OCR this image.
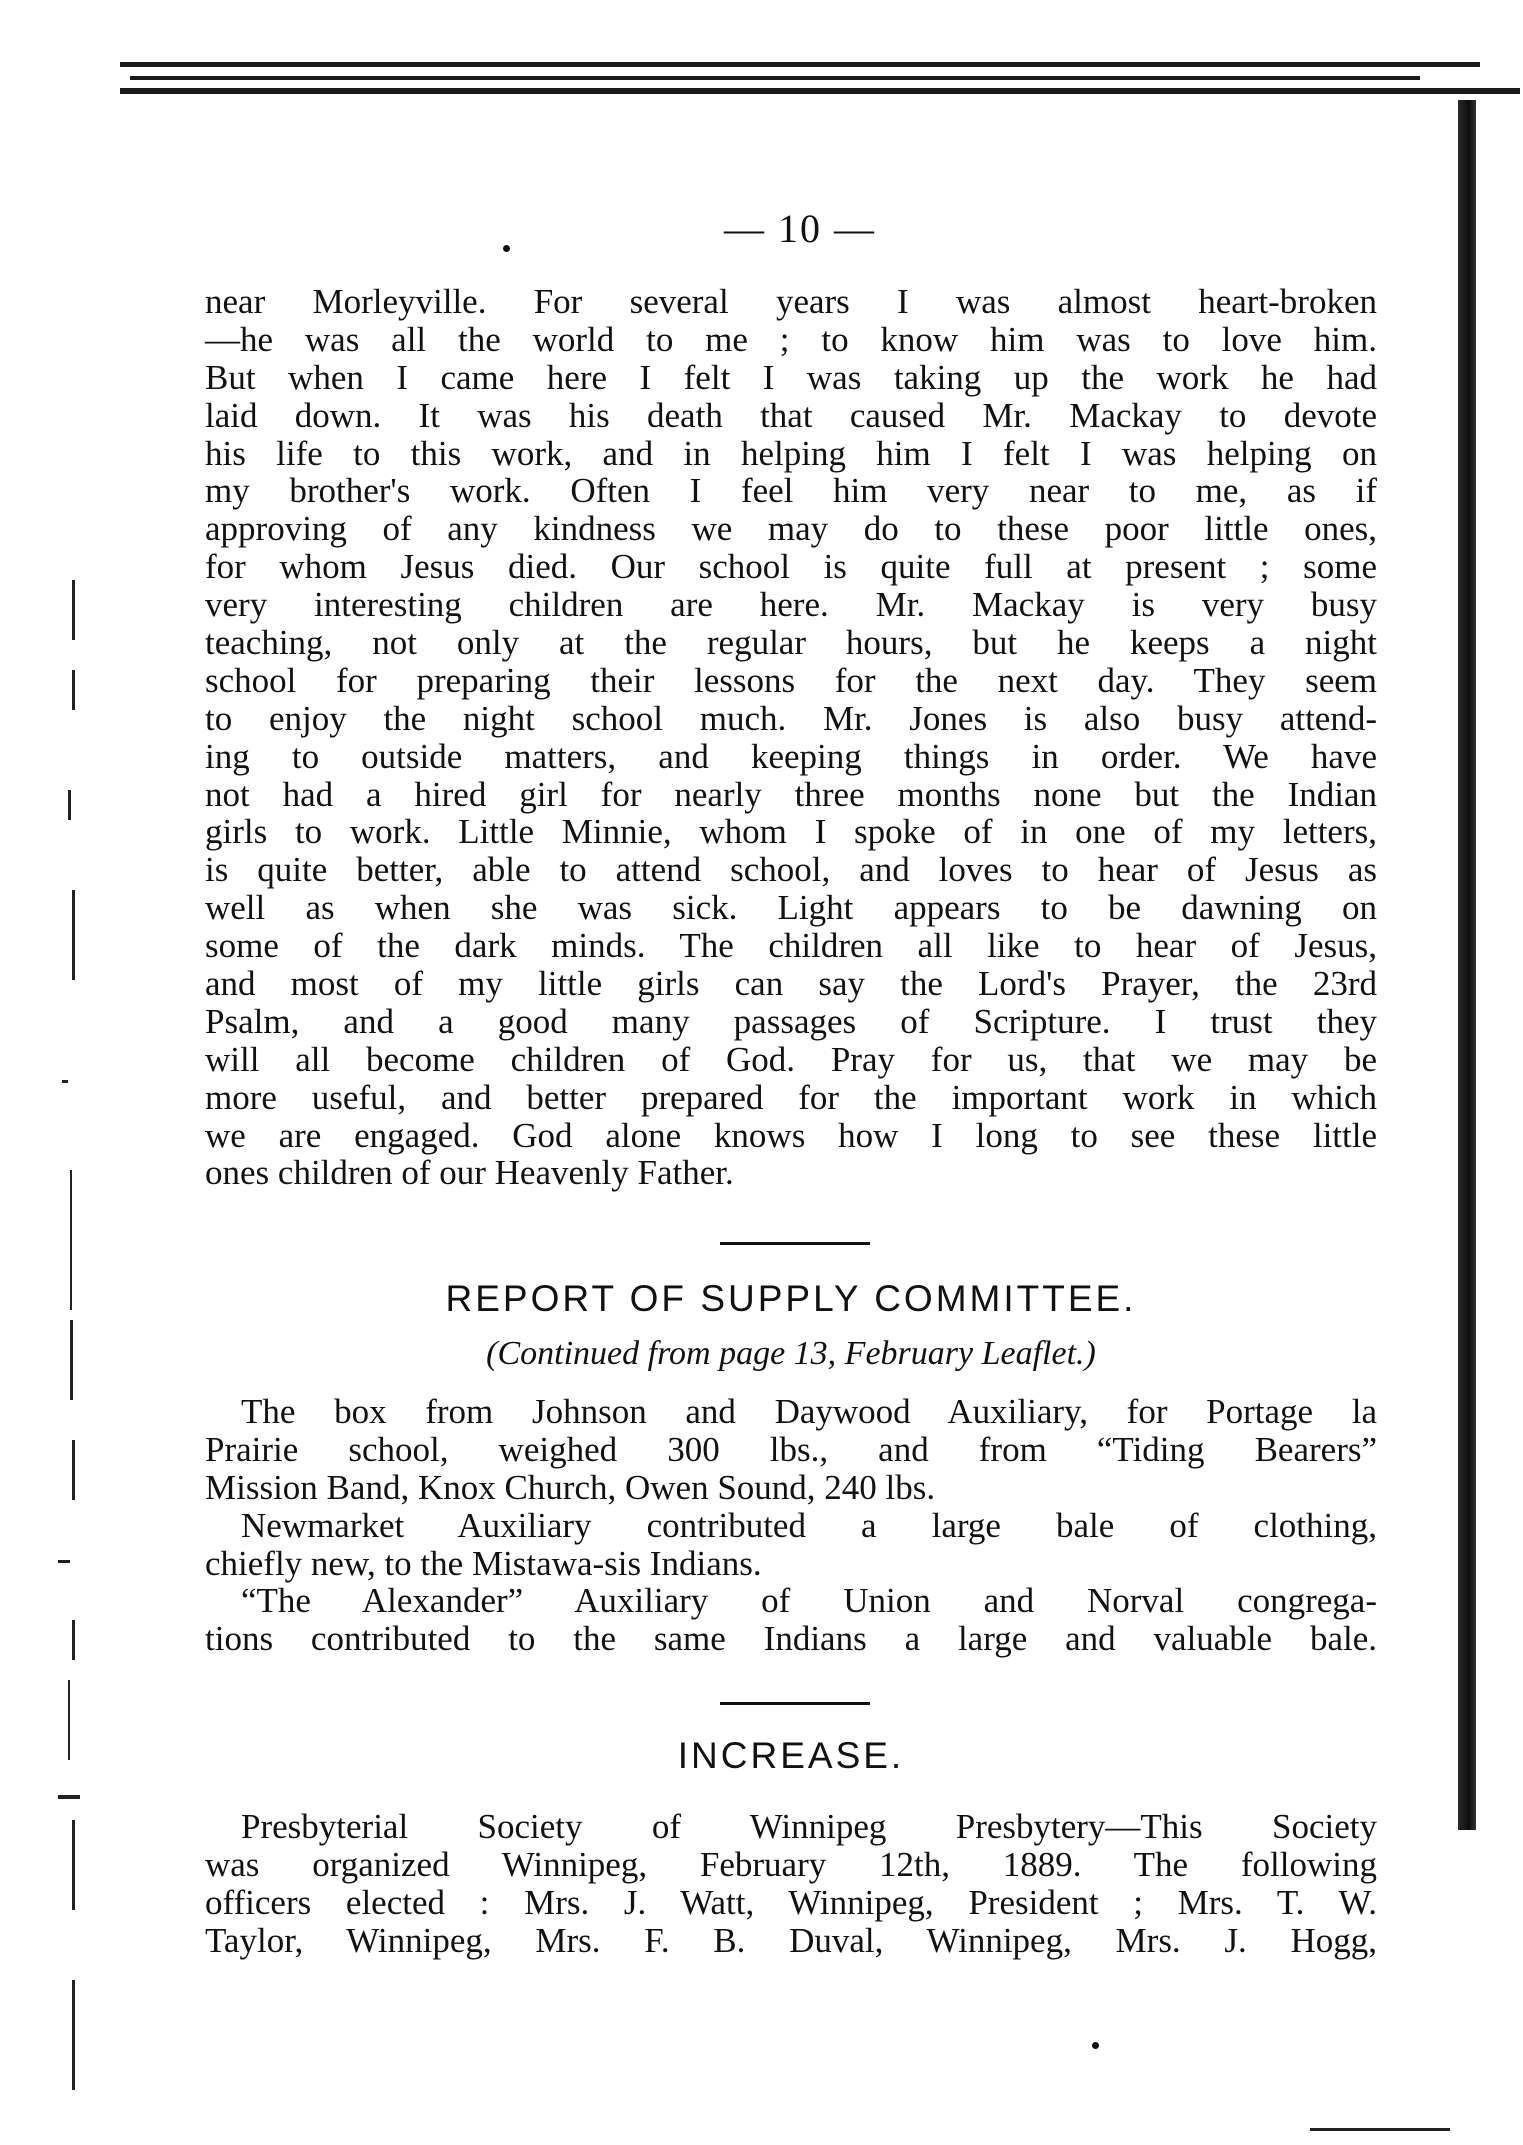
— 10 —
near Morleyville. For several years I was almost heart-broken
—he was all the world to me ; to know him was to love him.
But when I came here I felt I was taking up the work he had
laid down. It was his death that caused Mr. Mackay to devote
his life to this work, and in helping him I felt I was helping on
my brother's work. Often I feel him very near to me, as if
approving of any kindness we may do to these poor little ones,
for whom Jesus died. Our school is quite full at present ; some
very interesting children are here. Mr. Mackay is very busy
teaching, not only at the regular hours, but he keeps a night
school for preparing their lessons for the next day. They seem
to enjoy the night school much. Mr. Jones is also busy attend-
ing to outside matters, and keeping things in order. We have
not had a hired girl for nearly three months none but the Indian
girls to work. Little Minnie, whom I spoke of in one of my letters,
is quite better, able to attend school, and loves to hear of Jesus as
well as when she was sick. Light appears to be dawning on
some of the dark minds. The children all like to hear of Jesus,
and most of my little girls can say the Lord's Prayer, the 23rd
Psalm, and a good many passages of Scripture. I trust they
will all become children of God. Pray for us, that we may be
more useful, and better prepared for the important work in which
we are engaged. God alone knows how I long to see these little
ones children of our Heavenly Father.
REPORT OF SUPPLY COMMITTEE.
(Continued from page 13, February Leaflet.)
The box from Johnson and Daywood Auxiliary, for Portage la
Prairie school, weighed 300 lbs., and from “Tiding Bearers”
Mission Band, Knox Church, Owen Sound, 240 lbs.
Newmarket Auxiliary contributed a large bale of clothing,
chiefly new, to the Mistawa-sis Indians.
“The Alexander” Auxiliary of Union and Norval congrega-
tions contributed to the same Indians a large and valuable bale.
INCREASE.
Presbyterial Society of Winnipeg Presbytery—This Society
was organized Winnipeg, February 12th, 1889. The following
officers elected : Mrs. J. Watt, Winnipeg, President ; Mrs. T. W.
Taylor, Winnipeg, Mrs. F. B. Duval, Winnipeg, Mrs. J. Hogg,
